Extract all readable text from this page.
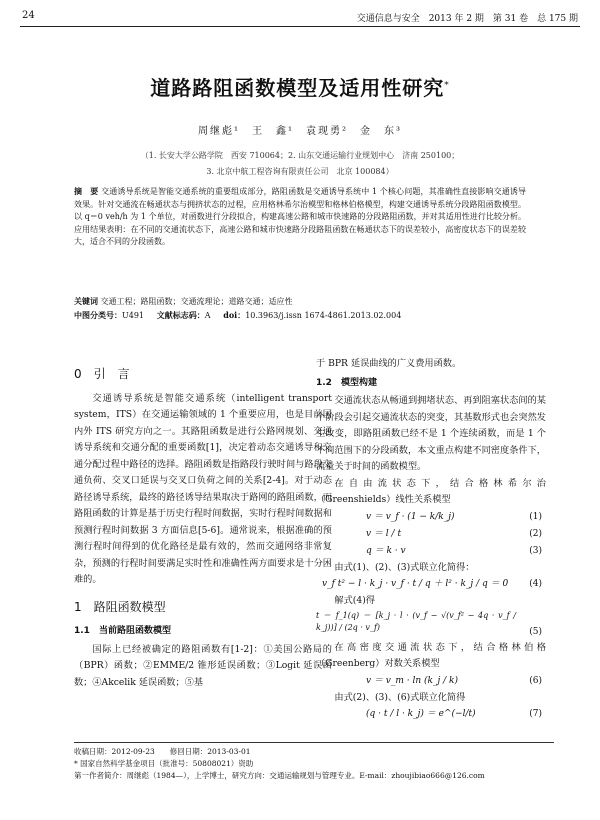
24	交通信息与安全　2013 年 2 期　第 31 卷　总 175 期
道路路阻函数模型及适用性研究*
周继彪¹　王　鑫¹　袁现勇²　金　东³
（1. 长安大学公路学院　西安 710064；2. 山东交通运输行业规划中心　济南 250100；
3. 北京中航工程咨询有限责任公司　北京 100084）
摘　要 交通诱导系统是智能交通系统的重要组成部分，路阻函数是交通诱导系统中 1 个核心问题，其准确性直接影响交通诱导效果。针对交通流在畅通状态与拥挤状态的过程，应用格林希尔治模型和格林伯格模型，构建交通诱导系统分段路阻函数模型。以 q＝0 veh/h 为 1 个单位，对函数进行分段拟合，构建高速公路和城市快速路的分段路阻函数，并对其适用性进行比较分析。应用结果表明：在不同的交通流状态下，高速公路和城市快速路分段路阻函数在畅通状态下的误差较小，高密度状态下的误差较大，适合不同的分段函数。
关键词 交通工程；路阻函数；交通流理论；道路交通；适应性
中图分类号：U491 文献标志码：A doi：10.3963/j.issn 1674-4861.2013.02.004
0　引　言

交通诱导系统是智能交通系统（intelligent transport system，ITS）在交通运输领域的 1 个重要应用，也是目前国内外 ITS 研究方向之一。其路阻函数是进行公路网规划、交通诱导系统和交通分配的重要函数[1]，决定着动态交通诱导和交通分配过程中路径的选择。路阻函数是指路段行驶时间与路段交通负荷、交叉口延误与交叉口负荷之间的关系[2-4]。对于动态路径诱导系统，最终的路径诱导结果取决于路网的路阻函数，而路阻函数的计算是基于历史行程时间数据，实时行程时间数据和预测行程时间数据 3 方面信息[5-6]。通常说来，根据准确的预测行程时间得到的优化路径是最有效的，然而交通网络非常复杂，预测的行程时间要满足实时性和准确性两方面要求是十分困难的。

1　路阻函数模型
1.1　当前路阻函数模型

国际上已经被确定的路阻函数有[1-2]：①美国公路局的（BPR）函数；②EMME/2 锥形延误函数；③Logit 延误函数；④Akcelik 延误函数；⑤基

于 BPR 延误曲线的广义费用函数。

1.2　模型构建

交通流状态从畅通到拥堵状态、再到阻塞状态间的某个阶段会引起交通流状态的突变，其基数形式也会突然发生改变，即路阻函数已经不是 1 个连续函数，而是 1 个不同范围下的分段函数，本文重点构建不同密度条件下，流量关于时间的函数模型。

在自由流状态下，结合格林希尔治（Greenshields）线性关系模型

v ＝ v_f · (1 − k/k_j)	(1)
v ＝ l / t	(2)
q ＝ k · v	(3)

由式(1)、(2)、(3)式联立化简得：

v_f t² − l · k_j · v_f · t / q ＋ l² · k_j / q ＝ 0 (4)

解式(4)得

t ＝ f_1(q) ＝ [k_j · l · (v_f − √(v_f² − 4q · v_f / k_j))] / (2q · v_f)	(5)

在高密度交通流状态下，结合格林伯格（Greenberg）对数关系模型

v ＝ v_m · ln (k_j / k)	(6)

由式(2)、(3)、(6)式联立化简得

(q · t / l · k_j) ＝ e^(−l/t)	(7)
收稿日期：2012-09-23　　修回日期：2013-03-01
* 国家自然科学基金项目（批准号：50808021）资助
第一作者简介：周继彪（1984—），上学博士，研究方向：交通运输规划与管理专业。E-mail：zhoujibiao666@126.com
